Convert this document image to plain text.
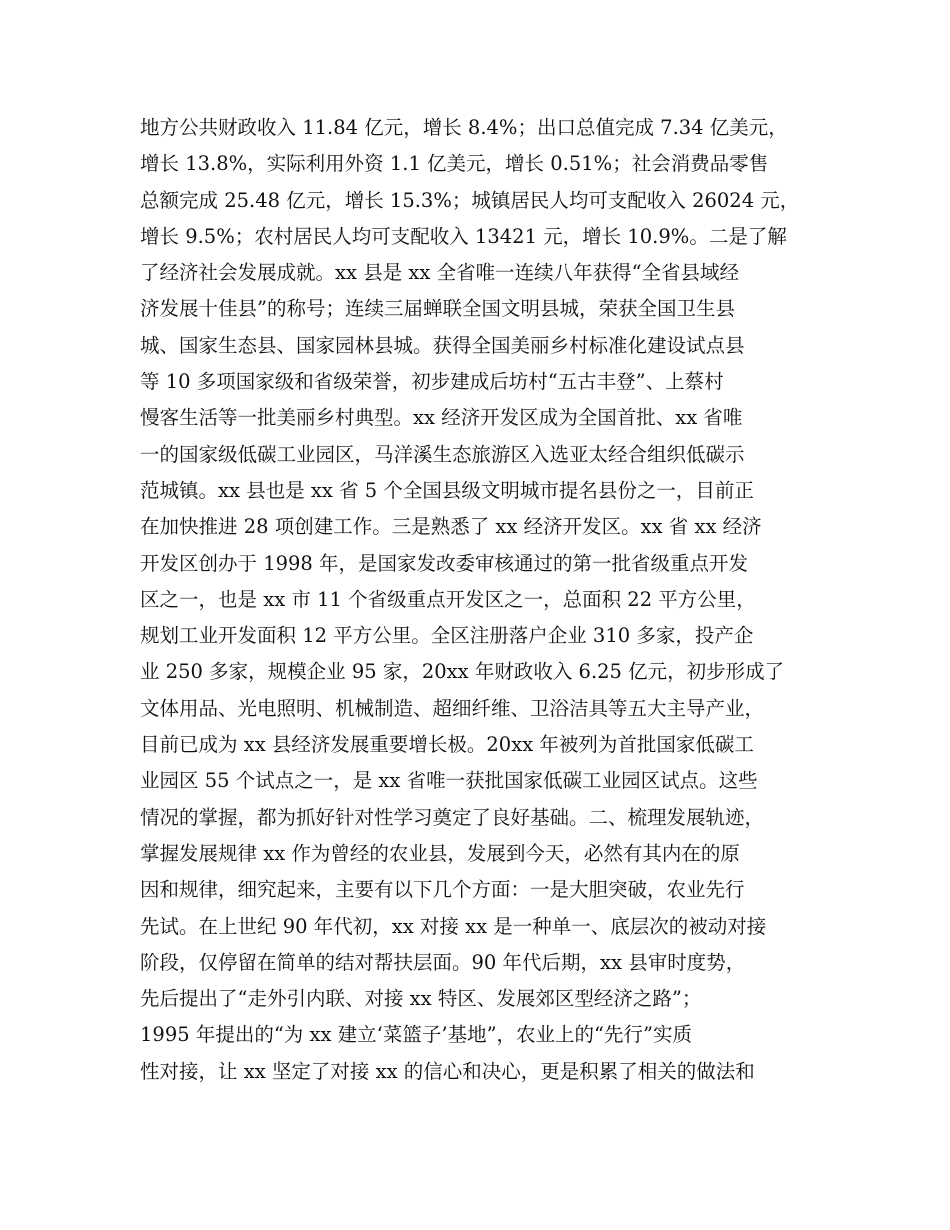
地方公共财政收入 11.84 亿元，增长 8.4%；出口总值完成 7.34 亿美元，
增长 13.8%，实际利用外资 1.1 亿美元，增长 0.51%；社会消费品零售
总额完成 25.48 亿元，增长 15.3%；城镇居民人均可支配收入 26024 元，
增长 9.5%；农村居民人均可支配收入 13421 元，增长 10.9%。二是了解
了经济社会发展成就。xx 县是 xx 全省唯一连续八年获得“全省县域经
济发展十佳县”的称号；连续三届蝉联全国文明县城，荣获全国卫生县
城、国家生态县、国家园林县城。获得全国美丽乡村标准化建设试点县
等 10 多项国家级和省级荣誉，初步建成后坊村“五古丰登”、上蔡村
慢客生活等一批美丽乡村典型。xx 经济开发区成为全国首批、xx 省唯
一的国家级低碳工业园区，马洋溪生态旅游区入选亚太经合组织低碳示
范城镇。xx 县也是 xx 省 5 个全国县级文明城市提名县份之一，目前正
在加快推进 28 项创建工作。三是熟悉了 xx 经济开发区。xx 省 xx 经济
开发区创办于 1998 年，是国家发改委审核通过的第一批省级重点开发
区之一，也是 xx 市 11 个省级重点开发区之一，总面积 22 平方公里，
规划工业开发面积 12 平方公里。全区注册落户企业 310 多家，投产企
业 250 多家，规模企业 95 家，20xx 年财政收入 6.25 亿元，初步形成了
文体用品、光电照明、机械制造、超细纤维、卫浴洁具等五大主导产业，
目前已成为 xx 县经济发展重要增长极。20xx 年被列为首批国家低碳工
业园区 55 个试点之一，是 xx 省唯一获批国家低碳工业园区试点。这些
情况的掌握，都为抓好针对性学习奠定了良好基础。二、梳理发展轨迹，
掌握发展规律 xx 作为曾经的农业县，发展到今天，必然有其内在的原
因和规律，细究起来，主要有以下几个方面：一是大胆突破，农业先行
先试。在上世纪 90 年代初，xx 对接 xx 是一种单一、底层次的被动对接
阶段，仅停留在简单的结对帮扶层面。90 年代后期，xx 县审时度势，
先后提出了“走外引内联、对接 xx 特区、发展郊区型经济之路”；
1995 年提出的“为 xx 建立‘菜篮子’基地”，农业上的“先行”实质
性对接，让 xx 坚定了对接 xx 的信心和决心，更是积累了相关的做法和
